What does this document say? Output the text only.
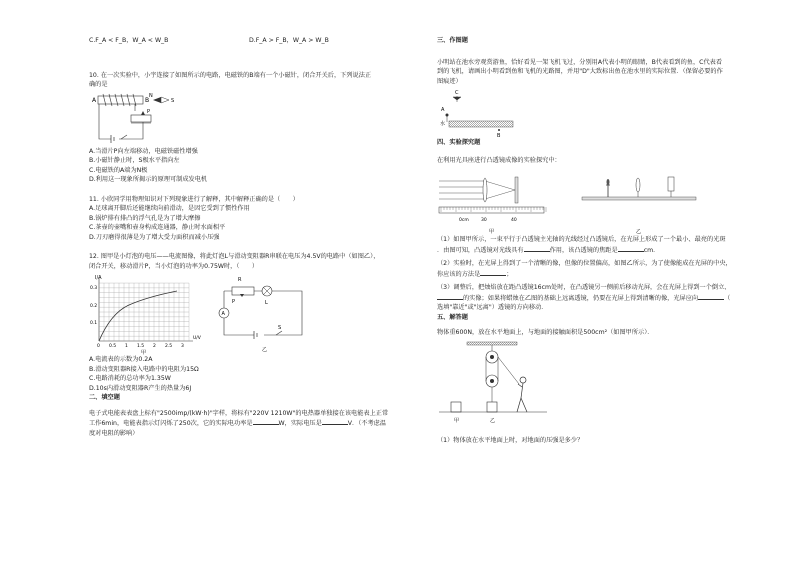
C.F_A < F_B，W_A < W_B	D.F_A > F_B，W_A > W_B
10. 在一次实验中，小宇连接了如图所示的电路，电磁铁的B端有一个小磁针，闭合开关后，下列说法正
确的是
A	B
N
S
P
A.当滑片P向左端移动，电磁铁磁性增强
B.小磁针静止时，S极水平指向左
C.电磁铁的A端为N极
D.利用这一现象所揭示的原理可制成发电机
11. 小欣同学用物理知识对下列现象进行了解释，其中解释正确的是（　　）
A.足球离开脚后还能继续向前滑动，是因它受到了惯性作用
B.锅炉排有排凸的浮气孔是为了增大摩擦
C.茶壶的壶嘴和壶身构成连通器，静止时水面相平
D.刀刃磨得很薄是为了增大受力面积而减小压强
12. 图甲是小灯泡的电压——电流图像，将此灯泡L与滑动变阻器R串联在电压为4.5V的电路中（如图乙），
闭合开关，移动滑片P，当小灯泡的功率为0.75W时，（　　）
I/A
0.3
0.2
0.1
0 0.5 1 1.5 2 2.5 3
U/V
甲
R
P	L
A
S
乙
A.电流表的示数为0.2A
B.滑动变阻器R接入电路中的电阻为15Ω
C.电路消耗的总功率为1.35W
D.10s内滑动变阻器R产生的热量为6J
二、填空题
电子式电能表表盘上标有"2500imp/(kW·h)"字样，将标有"220V 1210W"的电热器单独接在该电能表上正常
工作6min，电能表指示灯闪烁了250次，它的实际电功率是	W，实际电压是	V．（不考虑温
度对电阻的影响）
三、作图题
小明站在池水旁观赏游鱼，恰好看见一架飞机飞过，分别用A代表小明的眼睛，B代表看到的鱼，C代表看
到的飞机，请画出小明看到鱼和飞机的光路图，并用"D"大致标出鱼在池水里的实际位置．（保留必要的作
图痕迹）
C
A
水
B
四、实验探究题
在利用光具座进行凸透镜成像的实验探究中：
0cm	30	40
甲	乙
（1）如图甲所示，一束平行于凸透镜主光轴的光线经过凸透镜后，在光屏上形成了一个最小、最亮的光斑
．由图可知，凸透镜对光线具有	作用，该凸透镜的焦距是	cm．
（2）实验时，在光屏上得到了一个清晰的像，但像的位置偏高，如图乙所示，为了使像能成在光屏的中央，
你应该的方法是	；
（3）调整后，把烛焰放在距凸透镜16cm处时，在凸透镜另一侧前后移动光屏，会在光屏上得到一个倒立、
的实像；如果将蜡烛在乙图的基础上远离透镜，仍要在光屏上得到清晰的像，光屏应向	（
选填"靠近"或"远离"）透镜的方向移动．
五、解答题
物体重600N，放在水平地面上，与地面的接触面积是500cm²（如图甲所示）．
甲	乙
（1）物体放在水平地面上时，对地面的压强是多少？
